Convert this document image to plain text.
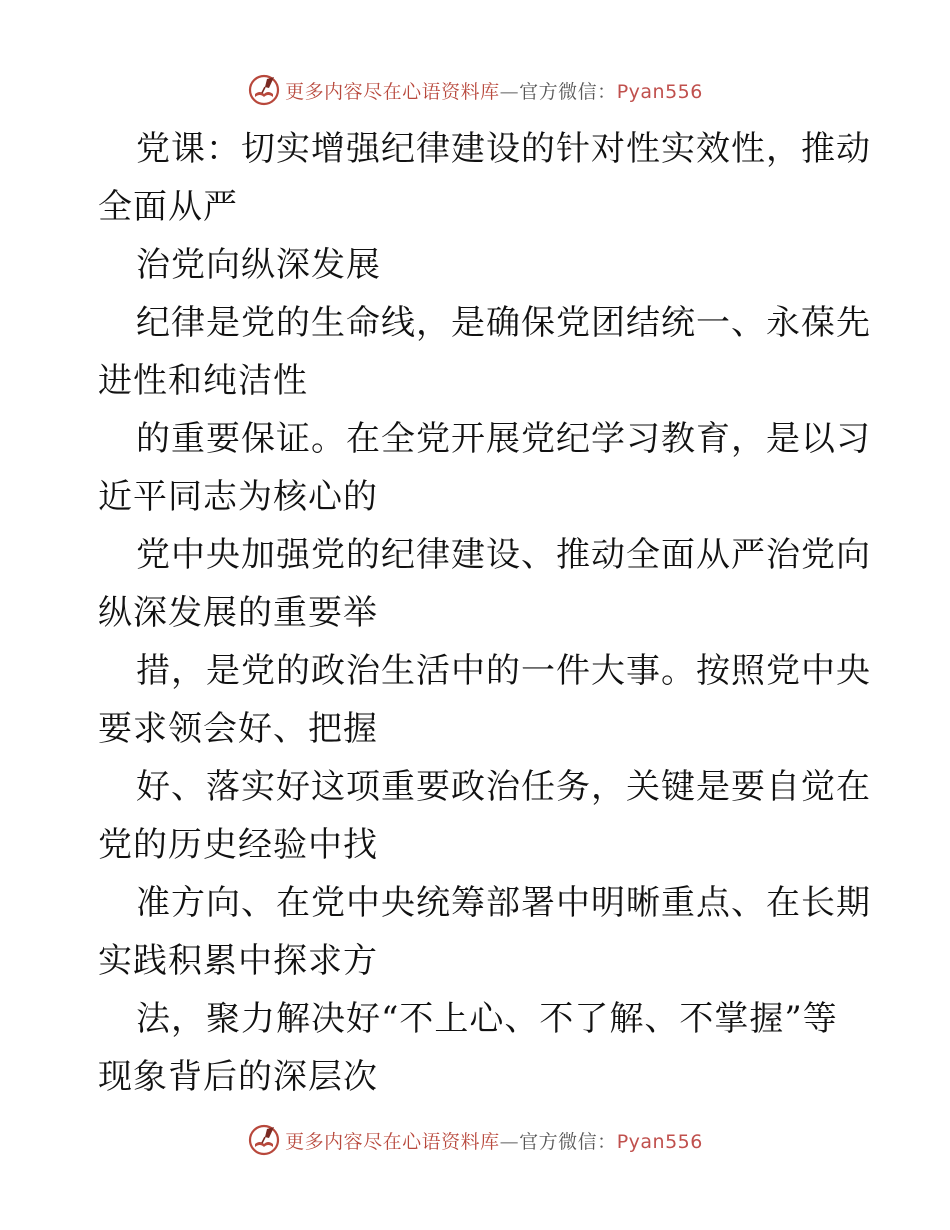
更多内容尽在心语资料库—官方微信：Pyan556
党课：切实增强纪律建设的针对性实效性，推动
全面从严
治党向纵深发展
纪律是党的生命线，是确保党团结统一、永葆先
进性和纯洁性
的重要保证。在全党开展党纪学习教育，是以习
近平同志为核心的
党中央加强党的纪律建设、推动全面从严治党向
纵深发展的重要举
措，是党的政治生活中的一件大事。按照党中央
要求领会好、把握
好、落实好这项重要政治任务，关键是要自觉在
党的历史经验中找
准方向、在党中央统筹部署中明晰重点、在长期
实践积累中探求方
法，聚力解决好“不上心、不了解、不掌握”等
现象背后的深层次
更多内容尽在心语资料库—官方微信：Pyan556
